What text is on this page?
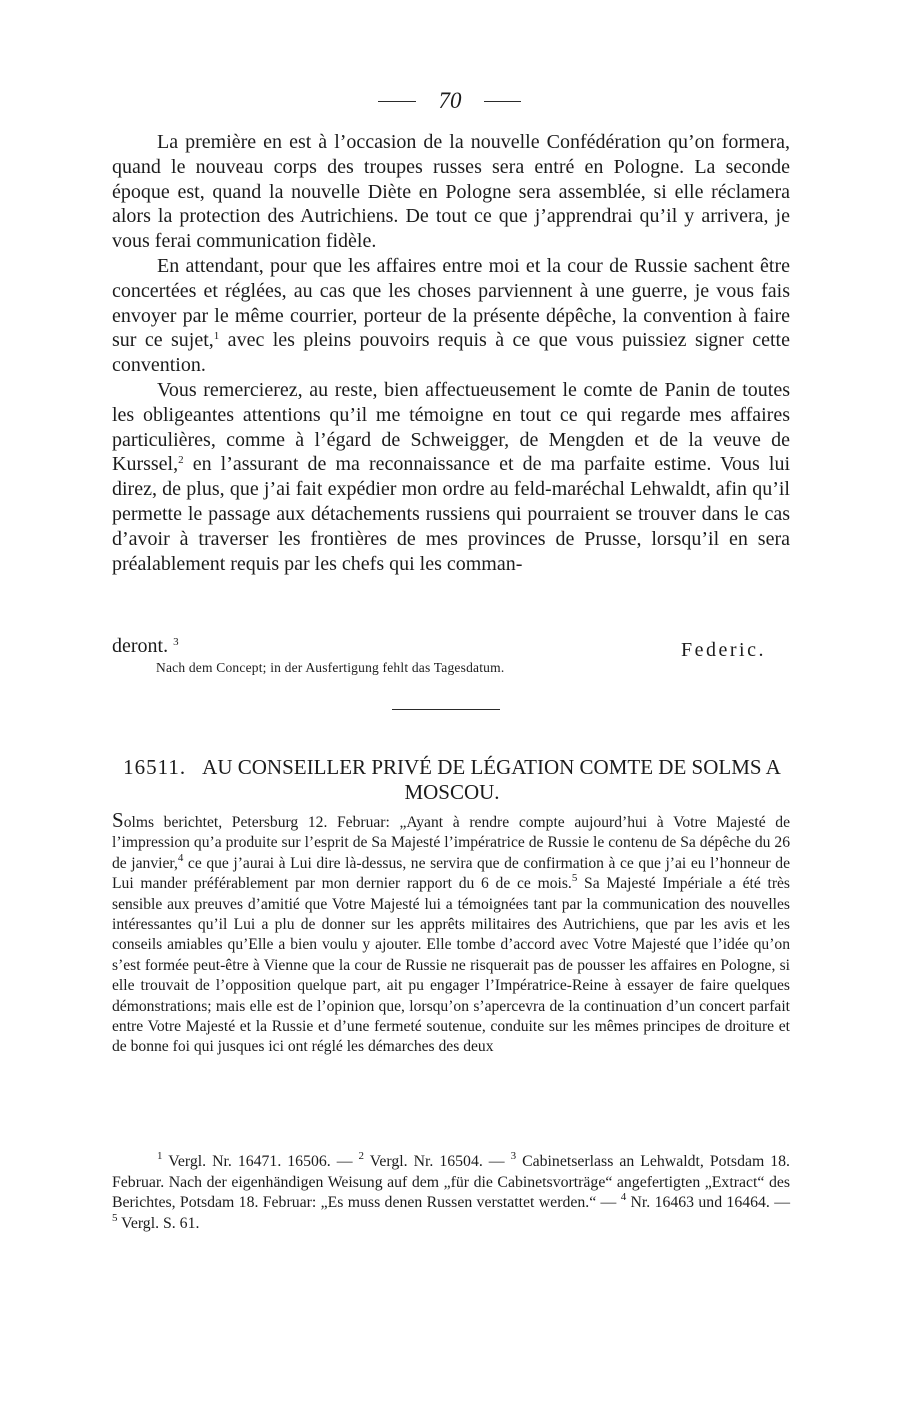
70

La première en est à l’occasion de la nouvelle Confédération qu’on formera, quand le nouveau corps des troupes russes sera entré en Pologne. La seconde époque est, quand la nouvelle Diète en Pologne sera assemblée, si elle réclamera alors la protection des Autrichiens. De tout ce que j’apprendrai qu’il y arrivera, je vous ferai communication fidèle.

En attendant, pour que les affaires entre moi et la cour de Russie sachent être concertées et réglées, au cas que les choses parviennent à une guerre, je vous fais envoyer par le même courrier, porteur de la présente dépêche, la convention à faire sur ce sujet,$^1$ avec les pleins pouvoirs requis à ce que vous puissiez signer cette convention.

Vous remercierez, au reste, bien affectueusement le comte de Panin de toutes les obligeantes attentions qu’il me témoigne en tout ce qui regarde mes affaires particulières, comme à l’égard de Schweigger, de Mengden et de la veuve de Kurssel,$^2$ en l’assurant de ma reconnaissance et de ma parfaite estime. Vous lui direz, de plus, que j’ai fait expédier mon ordre au feld-maréchal Lehwaldt, afin qu’il permette le passage aux détachements russiens qui pourraient se trouver dans le cas d’avoir à traverser les frontières de mes provinces de Prusse, lorsqu’il en sera préalablement requis par les chefs qui les comman-

deront. $^3$	Federic.
Nach dem Concept; in der Ausfertigung fehlt das Tagesdatum.
16511. AU CONSEILLER PRIVÉ DE LÉGATION COMTE DE SOLMS A MOSCOU.

Solms berichtet, Petersburg 12. Februar: „Ayant à rendre compte aujourd’hui à Votre Majesté de l’impression qu’a produite sur l’esprit de Sa Majesté l’impératrice de Russie le contenu de Sa dépêche du 26 de janvier,$^4$ ce que j’aurai à Lui dire là-dessus, ne servira que de confirmation à ce que j’ai eu l’honneur de Lui mander préférablement par mon dernier rapport du 6 de ce mois.$^5$ Sa Majesté Impériale a été très sensible aux preuves d’amitié que Votre Majesté lui a témoignées tant par la communication des nouvelles intéressantes qu’il Lui a plu de donner sur les apprêts militaires des Autrichiens, que par les avis et les conseils amiables qu’Elle a bien voulu y ajouter. Elle tombe d’accord avec Votre Majesté que l’idée qu’on s’est formée peut-être à Vienne que la cour de Russie ne risquerait pas de pousser les affaires en Pologne, si elle trouvait de l’opposition quelque part, ait pu engager l’Impératrice-Reine à essayer de faire quelques démonstrations; mais elle est de l’opinion que, lorsqu’on s’apercevra de la continuation d’un concert parfait entre Votre Majesté et la Russie et d’une fermeté soutenue, conduite sur les mêmes principes de droiture et de bonne foi qui jusques ici ont réglé les démarches des deux

$^1$ Vergl. Nr. 16471. 16506. — $^2$ Vergl. Nr. 16504. — $^3$ Cabinetserlass an Lehwaldt, Potsdam 18. Februar. Nach der eigenhändigen Weisung auf dem „für die Cabinetsvorträge“ angefertigten „Extract“ des Berichtes, Potsdam 18. Februar: „Es muss denen Russen verstattet werden.“ — $^4$ Nr. 16463 und 16464. — $^5$ Vergl. S. 61.
